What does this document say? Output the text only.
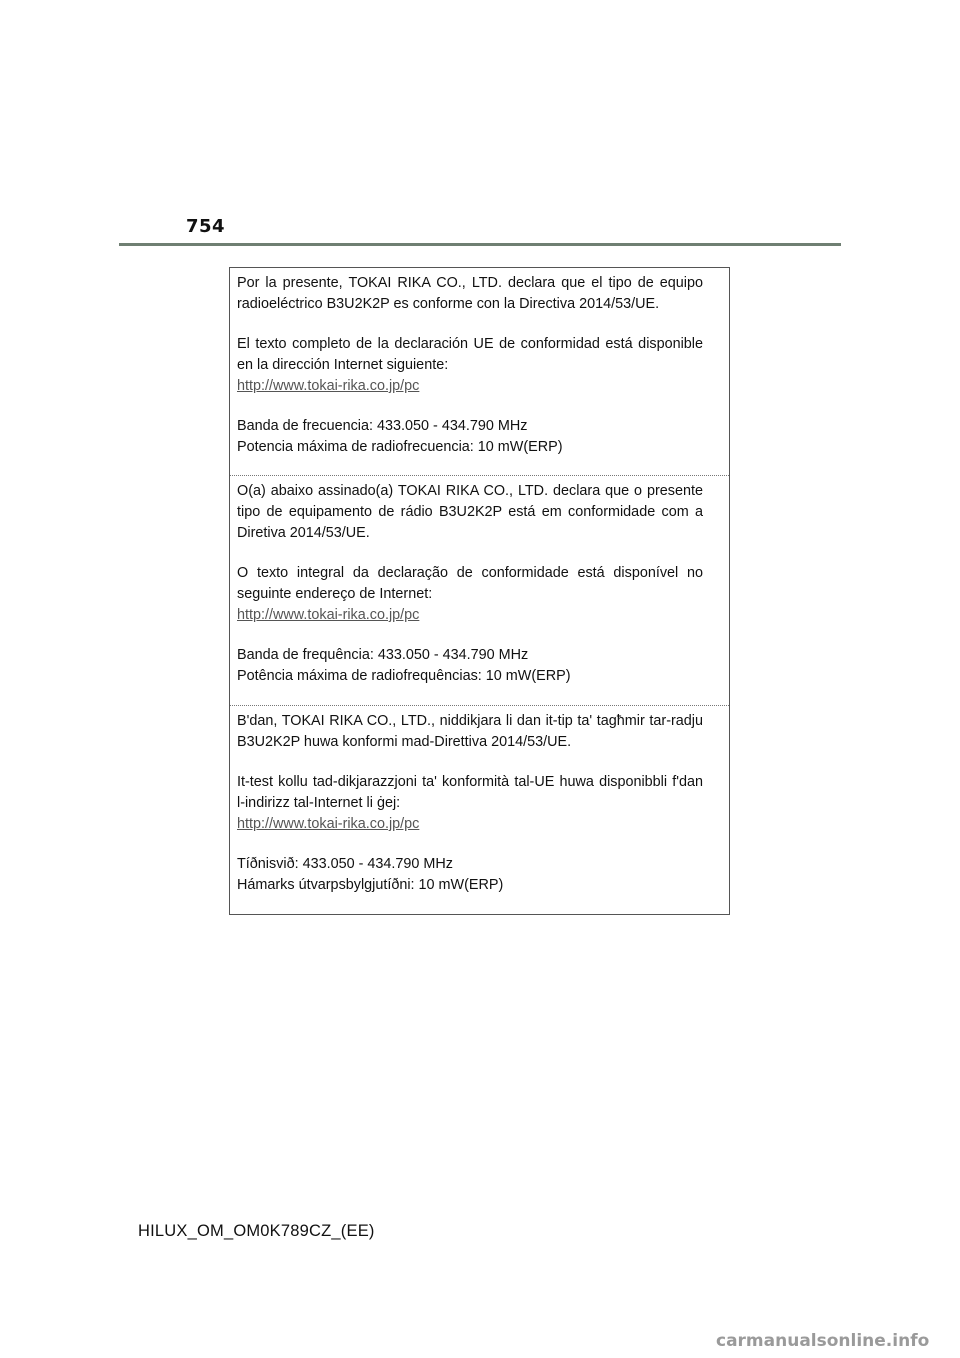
754

Por la presente, TOKAI RIKA CO., LTD. declara que el tipo de equipo radioeléctrico B3U2K2P es conforme con la Directiva 2014/53/UE.

El texto completo de la declaración UE de conformidad está disponible en la dirección Internet siguiente:
http://www.tokai-rika.co.jp/pc

Banda de frecuencia: 433.050 - 434.790 MHz
Potencia máxima de radiofrecuencia: 10 mW(ERP)

O(a) abaixo assinado(a) TOKAI RIKA CO., LTD. declara que o presente tipo de equipamento de rádio B3U2K2P está em conformidade com a Diretiva 2014/53/UE.

O texto integral da declaração de conformidade está disponível no seguinte endereço de Internet:
http://www.tokai-rika.co.jp/pc

Banda de frequência: 433.050 - 434.790 MHz
Potência máxima de radiofrequências: 10 mW(ERP)

B'dan, TOKAI RIKA CO., LTD., niddikjara li dan it-tip ta' tagħmir tar-radju B3U2K2P huwa konformi mad-Direttiva 2014/53/UE.

It-test kollu tad-dikjarazzjoni ta' konformità tal-UE huwa disponibbli f'dan l-indirizz tal-Internet li ġej:
http://www.tokai-rika.co.jp/pc

Tíðnisvið: 433.050 - 434.790 MHz
Hámarks útvarpsbylgjutíðni: 10 mW(ERP)

HILUX_OM_OM0K789CZ_(EE)
carmanualsonline.info
